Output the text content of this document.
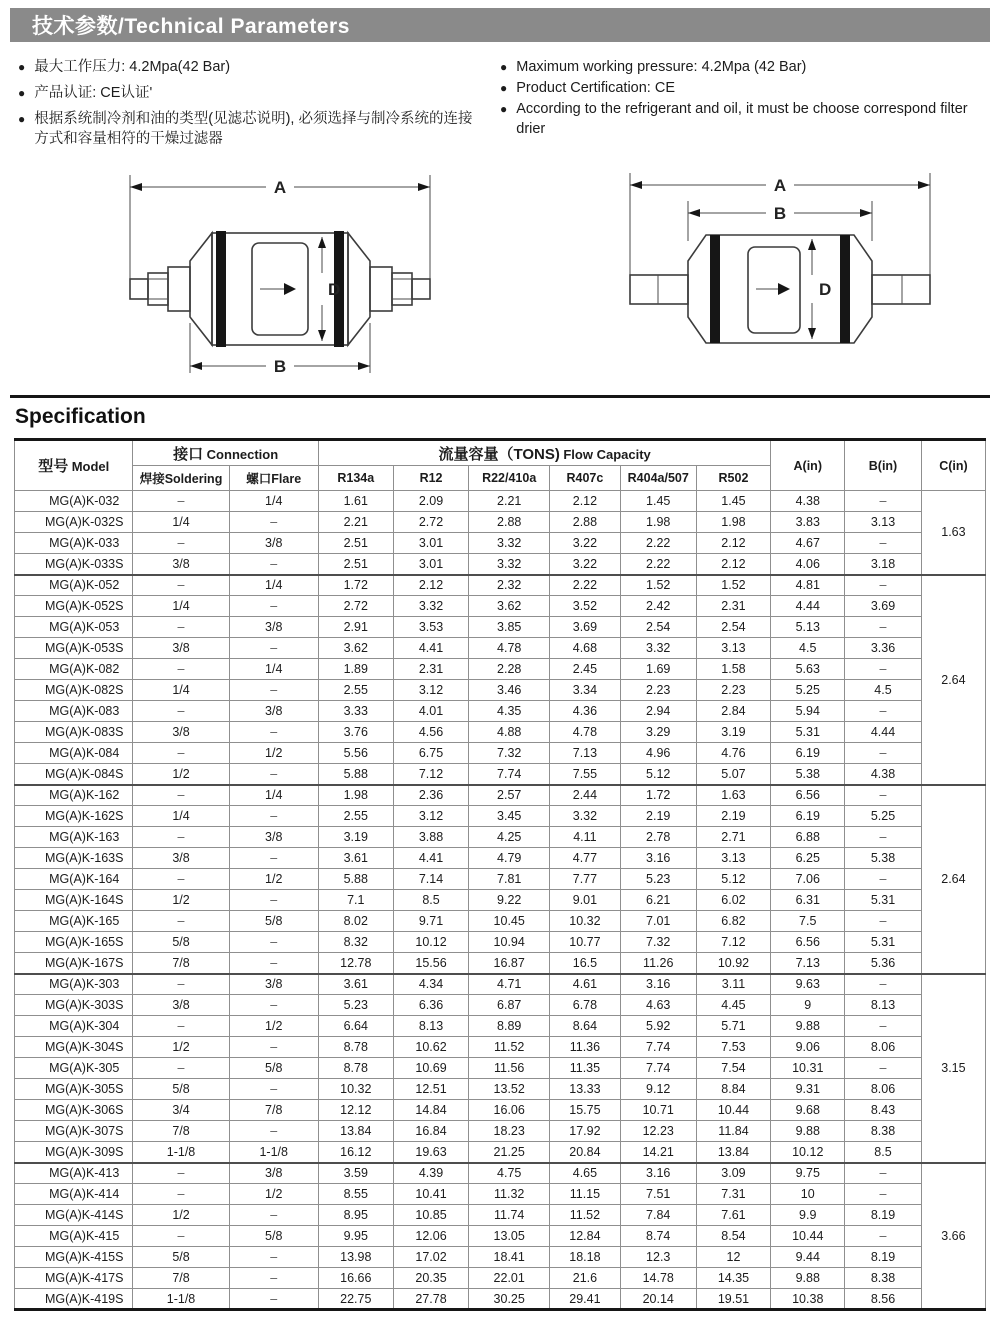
技术参数/Technical Parameters
● 最大工作压力: 4.2Mpa(42 Bar)
● 产品认证: CE认证'
● 根据系统制冷剂和油的类型(见滤芯说明), 必须选择与制冷系统的连接方式和容量相符的干燥过滤器
● Maximum working pressure: 4.2Mpa (42 Bar)
● Product Certification: CE
● According to the refrigerant and oil, it must be choose correspond filter drier
A
D
B
A
B
D
Specification
型号 Model	接口 Connection		流量容量（TONS) Flow Capacity						A(in)	B(in)	C(in)
	焊接Soldering	螺口Flare	R134a	R12	R22/410a	R407c	R404a/507	R502			
MG(A)K-032	–	1/4	1.61	2.09	2.21	2.12	1.45	1.45	4.38	–	1.63
MG(A)K-032S	1/4	–	2.21	2.72	2.88	2.88	1.98	1.98	3.83	3.13	
MG(A)K-033	–	3/8	2.51	3.01	3.32	3.22	2.22	2.12	4.67	–	
MG(A)K-033S	3/8	–	2.51	3.01	3.32	3.22	2.22	2.12	4.06	3.18	
MG(A)K-052	–	1/4	1.72	2.12	2.32	2.22	1.52	1.52	4.81	–	2.64
MG(A)K-052S	1/4	–	2.72	3.32	3.62	3.52	2.42	2.31	4.44	3.69	
MG(A)K-053	–	3/8	2.91	3.53	3.85	3.69	2.54	2.54	5.13	–	
MG(A)K-053S	3/8	–	3.62	4.41	4.78	4.68	3.32	3.13	4.5	3.36	
MG(A)K-082	–	1/4	1.89	2.31	2.28	2.45	1.69	1.58	5.63	–	
MG(A)K-082S	1/4	–	2.55	3.12	3.46	3.34	2.23	2.23	5.25	4.5	
MG(A)K-083	–	3/8	3.33	4.01	4.35	4.36	2.94	2.84	5.94	–	
MG(A)K-083S	3/8	–	3.76	4.56	4.88	4.78	3.29	3.19	5.31	4.44	
MG(A)K-084	–	1/2	5.56	6.75	7.32	7.13	4.96	4.76	6.19	–	
MG(A)K-084S	1/2	–	5.88	7.12	7.74	7.55	5.12	5.07	5.38	4.38	
MG(A)K-162	–	1/4	1.98	2.36	2.57	2.44	1.72	1.63	6.56	–	2.64
MG(A)K-162S	1/4	–	2.55	3.12	3.45	3.32	2.19	2.19	6.19	5.25	
MG(A)K-163	–	3/8	3.19	3.88	4.25	4.11	2.78	2.71	6.88	–	
MG(A)K-163S	3/8	–	3.61	4.41	4.79	4.77	3.16	3.13	6.25	5.38	
MG(A)K-164	–	1/2	5.88	7.14	7.81	7.77	5.23	5.12	7.06	–	
MG(A)K-164S	1/2	–	7.1	8.5	9.22	9.01	6.21	6.02	6.31	5.31	
MG(A)K-165	–	5/8	8.02	9.71	10.45	10.32	7.01	6.82	7.5	–	
MG(A)K-165S	5/8	–	8.32	10.12	10.94	10.77	7.32	7.12	6.56	5.31	
MG(A)K-167S	7/8	–	12.78	15.56	16.87	16.5	11.26	10.92	7.13	5.36	
MG(A)K-303	–	3/8	3.61	4.34	4.71	4.61	3.16	3.11	9.63	–	3.15
MG(A)K-303S	3/8	–	5.23	6.36	6.87	6.78	4.63	4.45	9	8.13	
MG(A)K-304	–	1/2	6.64	8.13	8.89	8.64	5.92	5.71	9.88	–	
MG(A)K-304S	1/2	–	8.78	10.62	11.52	11.36	7.74	7.53	9.06	8.06	
MG(A)K-305	–	5/8	8.78	10.69	11.56	11.35	7.74	7.54	10.31	–	
MG(A)K-305S	5/8	–	10.32	12.51	13.52	13.33	9.12	8.84	9.31	8.06	
MG(A)K-306S	3/4	7/8	12.12	14.84	16.06	15.75	10.71	10.44	9.68	8.43	
MG(A)K-307S	7/8	–	13.84	16.84	18.23	17.92	12.23	11.84	9.88	8.38	
MG(A)K-309S	1-1/8	1-1/8	16.12	19.63	21.25	20.84	14.21	13.84	10.12	8.5	
MG(A)K-413	–	3/8	3.59	4.39	4.75	4.65	3.16	3.09	9.75	–	3.66
MG(A)K-414	–	1/2	8.55	10.41	11.32	11.15	7.51	7.31	10	–	
MG(A)K-414S	1/2	–	8.95	10.85	11.74	11.52	7.84	7.61	9.9	8.19	
MG(A)K-415	–	5/8	9.95	12.06	13.05	12.84	8.74	8.54	10.44	–	
MG(A)K-415S	5/8	–	13.98	17.02	18.41	18.18	12.3	12	9.44	8.19	
MG(A)K-417S	7/8	–	16.66	20.35	22.01	21.6	14.78	14.35	9.88	8.38	
MG(A)K-419S	1-1/8	–	22.75	27.78	30.25	29.41	20.14	19.51	10.38	8.56	
